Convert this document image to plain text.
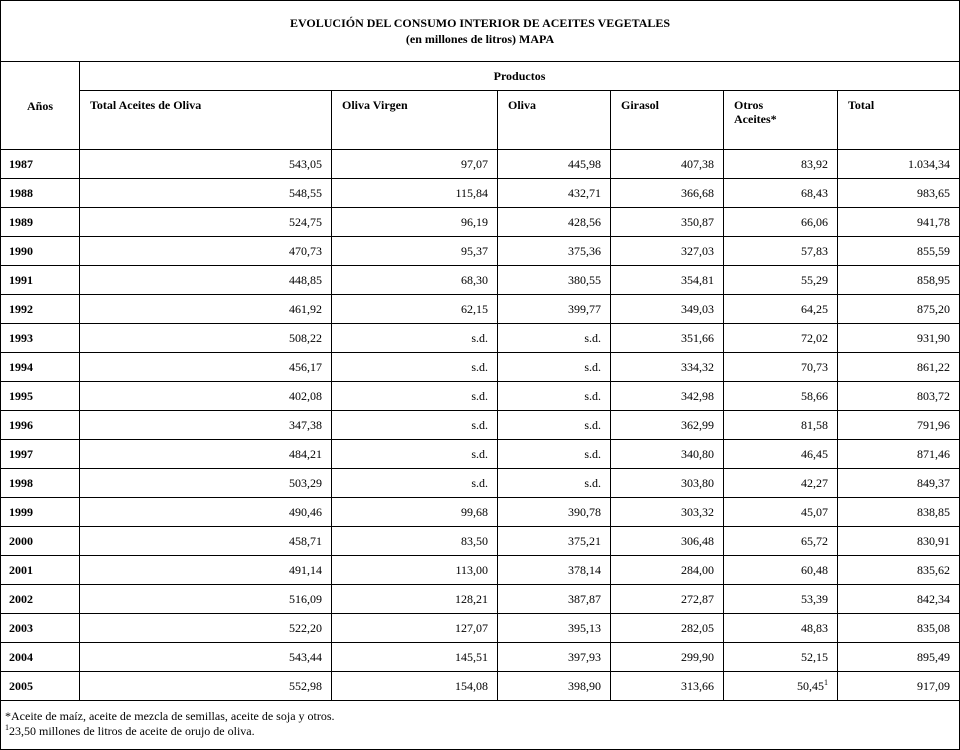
EVOLUCIÓN DEL CONSUMO INTERIOR DE ACEITES VEGETALES
(en millones de litros) MAPA						

Años	Productos					
	Total Aceites de Oliva	Oliva Virgen	Oliva	Girasol	Otros Aceites*	Total
1987	543,05	97,07	445,98	407,38	83,92	1.034,34
1988	548,55	115,84	432,71	366,68	68,43	983,65
1989	524,75	96,19	428,56	350,87	66,06	941,78
1990	470,73	95,37	375,36	327,03	57,83	855,59
1991	448,85	68,30	380,55	354,81	55,29	858,95
1992	461,92	62,15	399,77	349,03	64,25	875,20
1993	508,22	s.d.	s.d.	351,66	72,02	931,90
1994	456,17	s.d.	s.d.	334,32	70,73	861,22
1995	402,08	s.d.	s.d.	342,98	58,66	803,72
1996	347,38	s.d.	s.d.	362,99	81,58	791,96
1997	484,21	s.d.	s.d.	340,80	46,45	871,46
1998	503,29	s.d.	s.d.	303,80	42,27	849,37
1999	490,46	99,68	390,78	303,32	45,07	838,85
2000	458,71	83,50	375,21	306,48	65,72	830,91
2001	491,14	113,00	378,14	284,00	60,48	835,62
2002	516,09	128,21	387,87	272,87	53,39	842,34
2003	522,20	127,07	395,13	282,05	48,83	835,08
2004	543,44	145,51	397,93	299,90	52,15	895,49
2005	552,98	154,08	398,90	313,66	50,45$^1$	917,09

*Aceite de maíz, aceite de mezcla de semillas, aceite de soja y otros.
$^1$23,50 millones de litros de aceite de orujo de oliva.						
